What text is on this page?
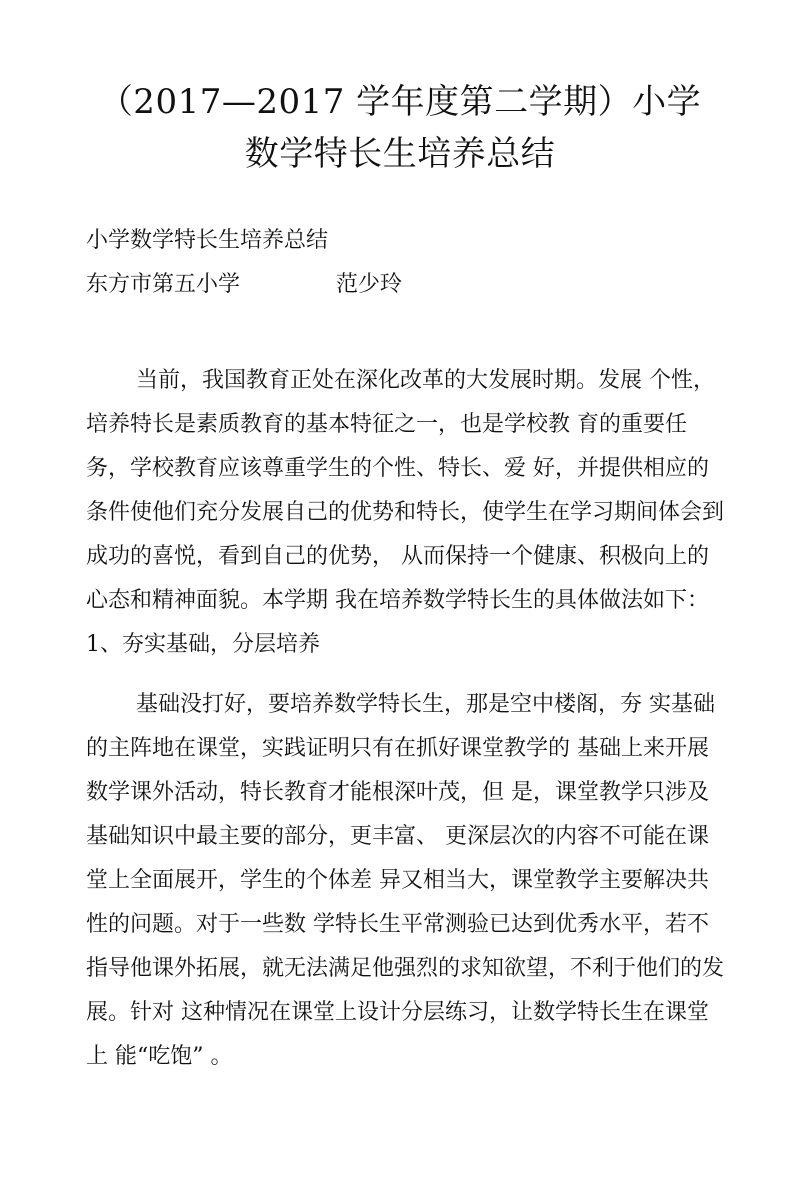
（2017—2017 学年度第二学期）小学
数学特长生培养总结
小学数学特长生培养总结
东方市第五小学	范少玲
当前，我国教育正处在深化改革的大发展时期。发展 个性，
培养特长是素质教育的基本特征之一，也是学校教 育的重要任
务，学校教育应该尊重学生的个性、特长、爱 好，并提供相应的
条件使他们充分发展自己的优势和特长，使学生在学习期间体会到
成功的喜悦，看到自己的优势， 从而保持一个健康、积极向上的
心态和精神面貌。本学期 我在培养数学特长生的具体做法如下：
1、夯实基础，分层培养
基础没打好，要培养数学特长生，那是空中楼阁，夯 实基础
的主阵地在课堂，实践证明只有在抓好课堂教学的 基础上来开展
数学课外活动，特长教育才能根深叶茂，但 是，课堂教学只涉及
基础知识中最主要的部分，更丰富、 更深层次的内容不可能在课
堂上全面展开，学生的个体差 异又相当大，课堂教学主要解决共
性的问题。对于一些数 学特长生平常测验已达到优秀水平，若不
指导他课外拓展，就无法满足他强烈的求知欲望，不利于他们的发
展。针对 这种情况在课堂上设计分层练习，让数学特长生在课堂
上 能“吃饱” 。
